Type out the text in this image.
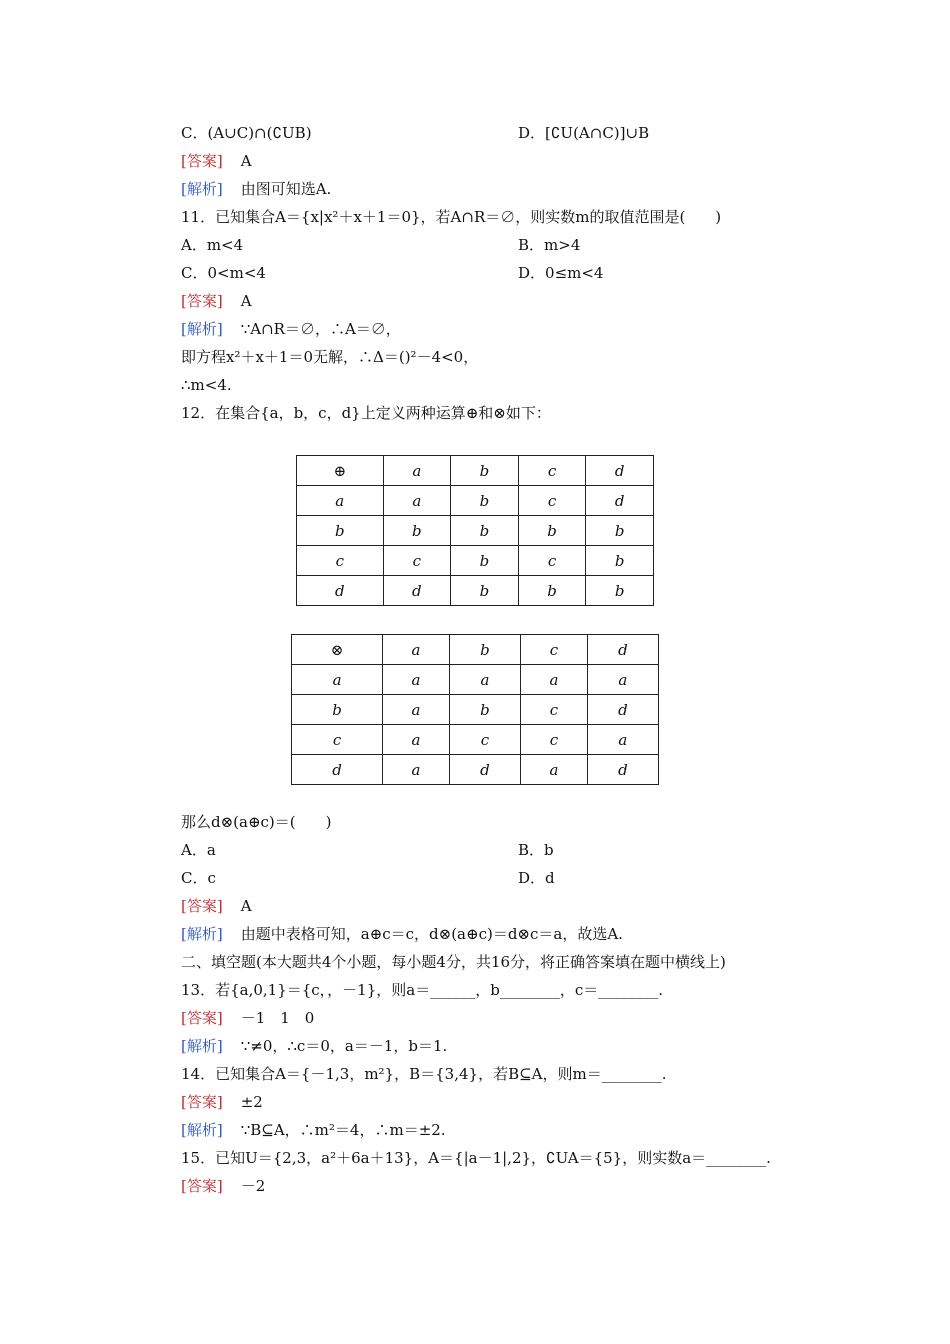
C．(A∪C)∩(∁UB)	D．[∁U(A∩C)]∪B
[答案] A
[解析] 由图可知选A.
11．已知集合A＝{x|x²＋x＋1＝0}，若A∩R＝∅，则实数m的取值范围是(　　)
A．m<4	B．m>4
C．0<m<4	D．0≤m<4
[答案] A
[解析] ∵A∩R＝∅，∴A＝∅，
即方程x²＋x＋1＝0无解，∴Δ＝()²－4<0，
∴m<4.
12．在集合{a，b，c，d}上定义两种运算⊕和⊗如下：
⊕	a	b	c	d
a	a	b	c	d
b	b	b	b	b
c	c	b	c	b
d	d	b	b	b
⊗	a	b	c	d
a	a	a	a	a
b	a	b	c	d
c	a	c	c	a
d	a	d	a	d
那么d⊗(a⊕c)＝(　　)
A．a	B．b
C．c	D．d
[答案] A
[解析] 由题中表格可知，a⊕c＝c，d⊗(a⊕c)＝d⊗c＝a，故选A.
二、填空题(本大题共4个小题，每小题4分，共16分，将正确答案填在题中横线上)
13．若{a,0,1}＝{c，，－1}，则a＝______，b________，c＝________.
[答案] －1　1　0
[解析] ∵≠0，∴c＝0，a＝－1，b＝1.
14．已知集合A＝{－1,3，m²}，B＝{3,4}，若B⊆A，则m＝________.
[答案] ±2
[解析] ∵B⊆A，∴m²＝4，∴m＝±2.
15．已知U＝{2,3，a²＋6a＋13}，A＝{|a－1|,2}，∁UA＝{5}，则实数a＝________.
[答案] －2
